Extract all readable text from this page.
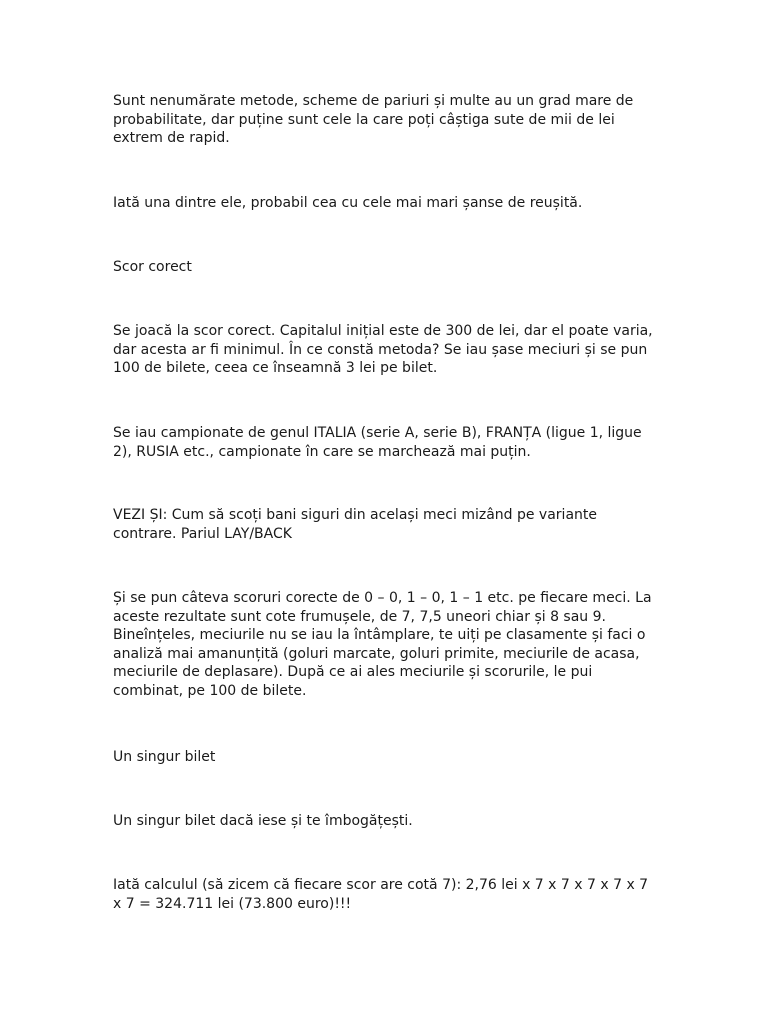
Sunt nenumărate metode, scheme de pariuri și multe au un grad mare de
probabilitate, dar puține sunt cele la care poți câștiga sute de mii de lei
extrem de rapid.

Iată una dintre ele, probabil cea cu cele mai mari șanse de reușită.

Scor corect

Se joacă la scor corect. Capitalul inițial este de 300 de lei, dar el poate varia,
dar acesta ar fi minimul. În ce constă metoda? Se iau șase meciuri și se pun
100 de bilete, ceea ce înseamnă 3 lei pe bilet.

Se iau campionate de genul ITALIA (serie A, serie B), FRANȚA (ligue 1, ligue
2), RUSIA etc., campionate în care se marchează mai puțin.

VEZI ȘI: Cum să scoți bani siguri din același meci mizând pe variante
contrare. Pariul LAY/BACK

Și se pun câteva scoruri corecte de 0 – 0, 1 – 0, 1 – 1 etc. pe fiecare meci. La
aceste rezultate sunt cote frumușele, de 7, 7,5 uneori chiar și 8 sau 9.
Bineînțeles, meciurile nu se iau la întâmplare, te uiți pe clasamente și faci o
analiză mai amanunțită (goluri marcate, goluri primite, meciurile de acasa,
meciurile de deplasare). După ce ai ales meciurile și scorurile, le pui
combinat, pe 100 de bilete.

Un singur bilet

Un singur bilet dacă iese și te îmbogățești.

Iată calculul (să zicem că fiecare scor are cotă 7): 2,76 lei x 7 x 7 x 7 x 7 x 7
x 7 = 324.711 lei (73.800 euro)!!!
